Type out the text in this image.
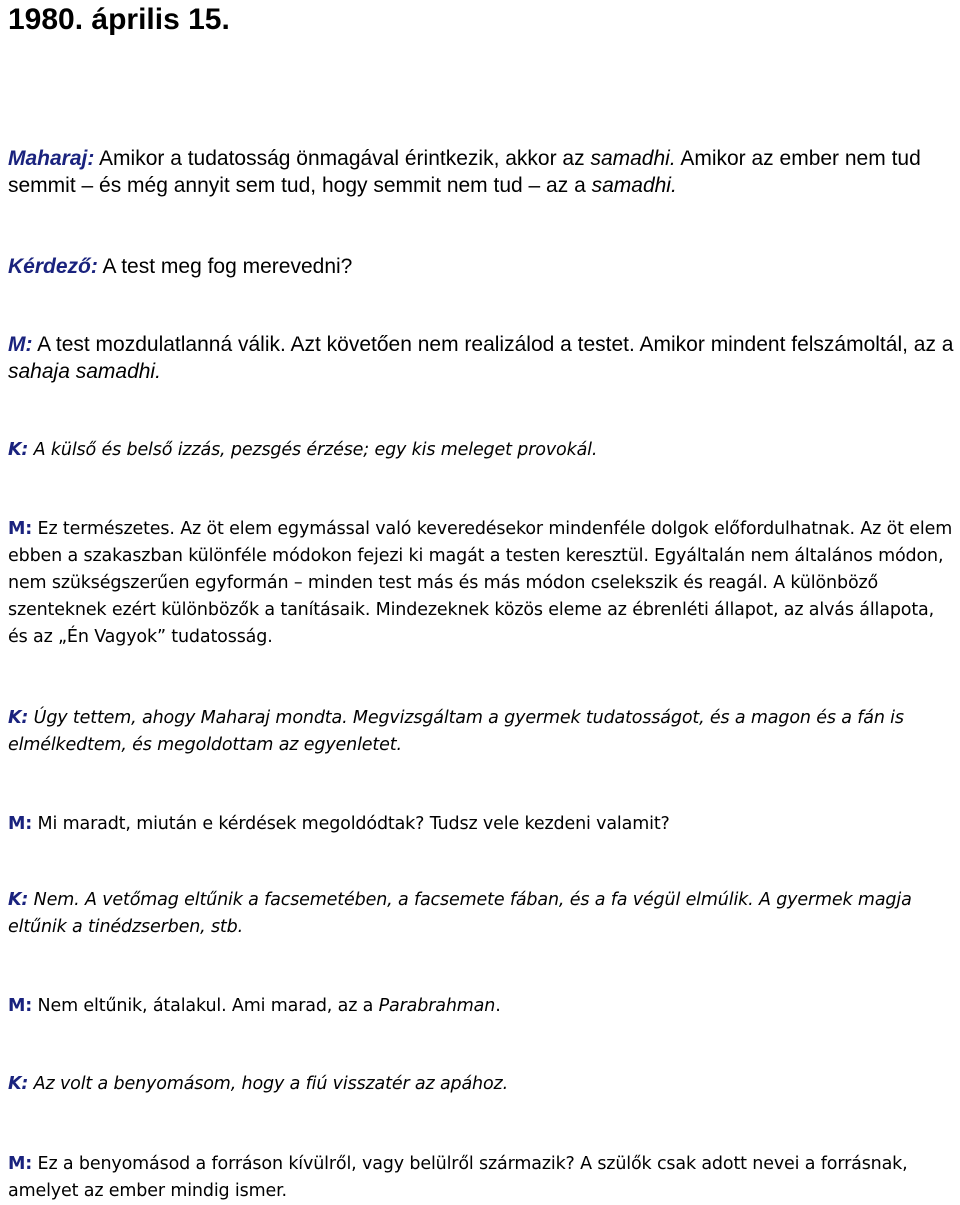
1980. április 15.

Maharaj: Amikor a tudatosság önmagával érintkezik, akkor az samadhi. Amikor az ember nem tud semmit – és még annyit sem tud, hogy semmit nem tud – az a samadhi.

Kérdező: A test meg fog merevedni?

M: A test mozdulatlanná válik. Azt követően nem realizálod a testet. Amikor mindent felszámoltál, az a sahaja samadhi.

K: A külső és belső izzás, pezsgés érzése; egy kis meleget provokál.

M: Ez természetes. Az öt elem egymással való keveredésekor mindenféle dolgok előfordulhatnak. Az öt elem ebben a szakaszban különféle módokon fejezi ki magát a testen keresztül. Egyáltalán nem általános módon, nem szükségszerűen egyformán – minden test más és más módon cselekszik és reagál. A különböző szenteknek ezért különbözők a tanításaik. Mindezeknek közös eleme az ébrenléti állapot, az alvás állapota, és az „Én Vagyok” tudatosság.

K: Úgy tettem, ahogy Maharaj mondta. Megvizsgáltam a gyermek tudatosságot, és a magon és a fán is elmélkedtem, és megoldottam az egyenletet.

M: Mi maradt, miután e kérdések megoldódtak? Tudsz vele kezdeni valamit?

K: Nem. A vetőmag eltűnik a facsemetében, a facsemete fában, és a fa végül elmúlik. A gyermek magja eltűnik a tinédzserben, stb.

M: Nem eltűnik, átalakul. Ami marad, az a Parabrahman.

K: Az volt a benyomásom, hogy a fiú visszatér az apához.

M: Ez a benyomásod a forráson kívülről, vagy belülről származik? A szülők csak adott nevei a forrásnak, amelyet az ember mindig ismer.
